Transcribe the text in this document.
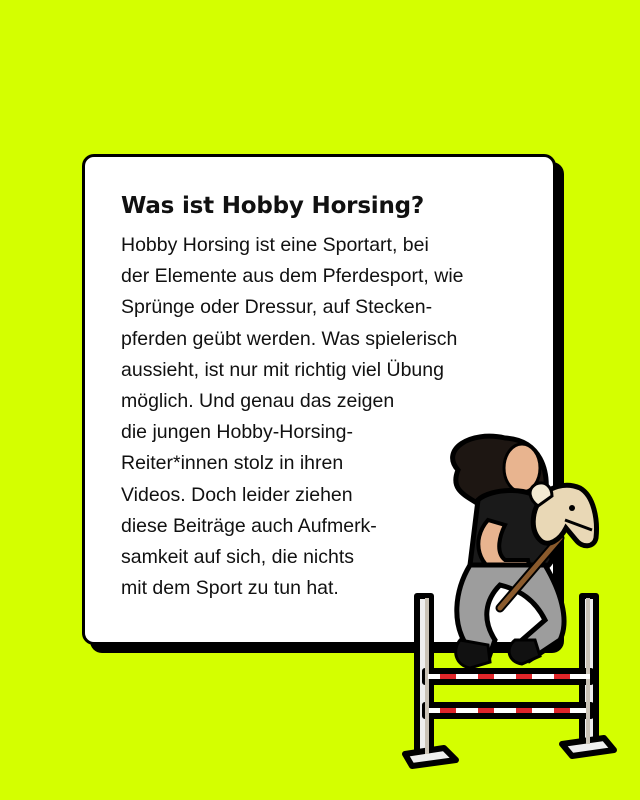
Was ist Hobby Horsing?
Hobby Horsing ist eine Sportart, bei
der Elemente aus dem Pferdesport, wie
Sprünge oder Dressur, auf Stecken-
pferden geübt werden. Was spielerisch
aussieht, ist nur mit richtig viel Übung
möglich. Und genau das zeigen
die jungen Hobby-Horsing-
Reiter*innen stolz in ihren
Videos. Doch leider ziehen
diese Beiträge auch Aufmerk-
samkeit auf sich, die nichts
mit dem Sport zu tun hat.
